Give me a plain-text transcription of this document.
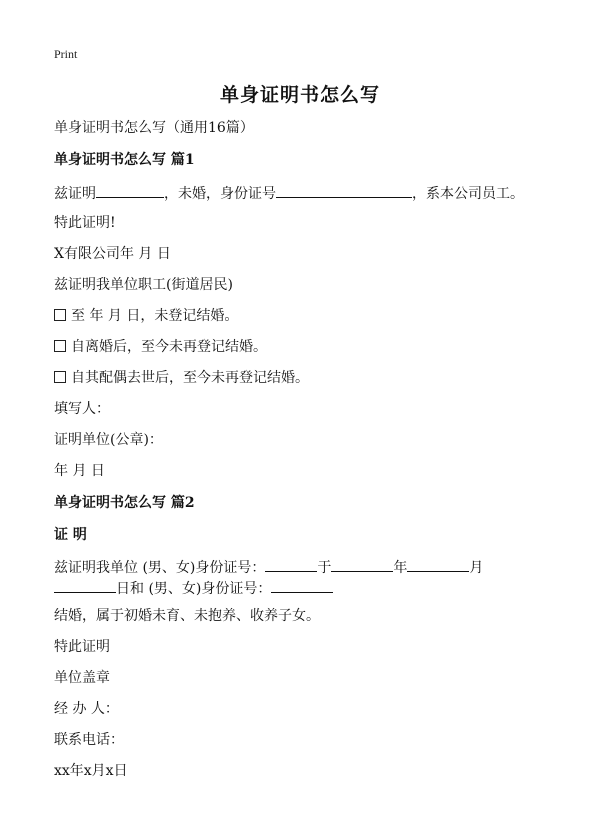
Print
单身证明书怎么写
单身证明书怎么写（通用16篇）
单身证明书怎么写 篇1
兹证明	，未婚，身份证号	，系本公司员工。
特此证明!
X有限公司年 月 日
兹证明我单位职工(街道居民)
至 年 月 日，未登记结婚。
自离婚后，至今未再登记结婚。
自其配偶去世后，至今未再登记结婚。
填写人：
证明单位(公章)：
年 月 日
单身证明书怎么写 篇2
证 明
兹证明我单位 (男、女)身份证号：	于	年	月
日和 (男、女)身份证号：
结婚，属于初婚未育、未抱养、收养子女。
特此证明
单位盖章
经 办 人：
联系电话：
xx年x月x日
